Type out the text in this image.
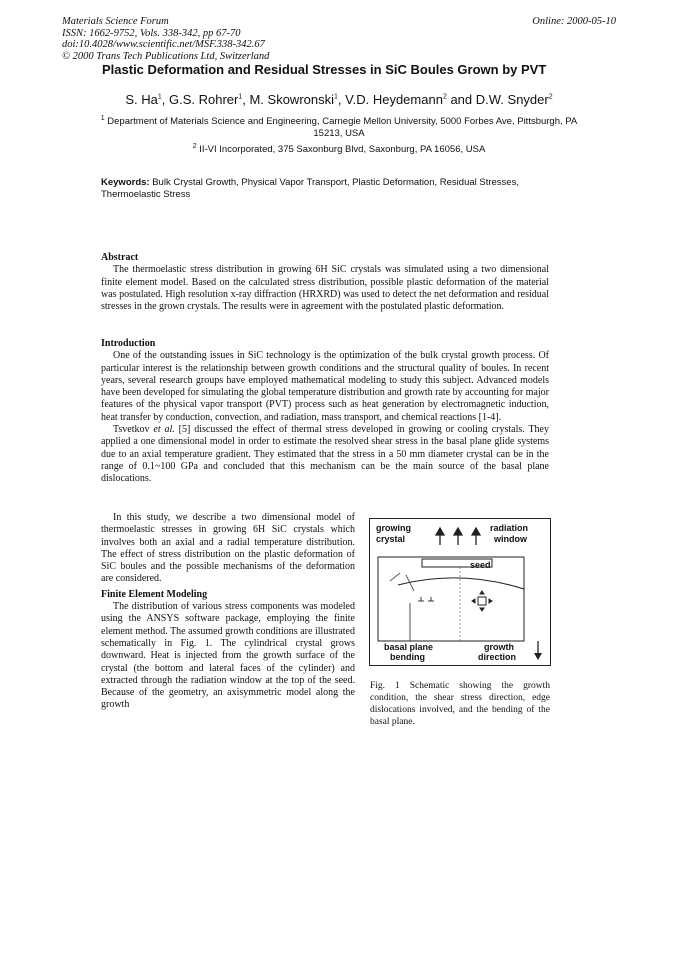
Materials Science Forum
ISSN: 1662-9752, Vols. 338-342, pp 67-70
doi:10.4028/www.scientific.net/MSF.338-342.67
© 2000 Trans Tech Publications Ltd, Switzerland
Online: 2000-05-10
Plastic Deformation and Residual Stresses in SiC Boules Grown by PVT
S. Ha$^1$, G.S. Rohrer$^1$, M. Skowronski$^1$, V.D. Heydemann$^2$ and D.W. Snyder$^2$
$^1$ Department of Materials Science and Engineering, Carnegie Mellon University, 5000 Forbes Ave, Pittsburgh, PA 15213, USA
$^2$ II-VI Incorporated, 375 Saxonburg Blvd, Saxonburg, PA 16056, USA
Keywords: Bulk Crystal Growth, Physical Vapor Transport, Plastic Deformation, Residual Stresses, Thermoelastic Stress
Abstract

The thermoelastic stress distribution in growing 6H SiC crystals was simulated using a two dimensional finite element model. Based on the calculated stress distribution, possible plastic deformation of the material was postulated. High resolution x-ray diffraction (HRXRD) was used to detect the net deformation and residual stresses in the grown crystals. The results were in agreement with the postulated plastic deformation.

Introduction

One of the outstanding issues in SiC technology is the optimization of the bulk crystal growth process. Of particular interest is the relationship between growth conditions and the structural quality of boules. In recent years, several research groups have employed mathematical modeling to study this subject. Advanced models have been developed for simulating the global temperature distribution and growth rate by accounting for major features of the physical vapor transport (PVT) process such as heat generation by electromagnetic induction, heat transfer by conduction, convection, and radiation, mass transport, and chemical reactions [1-4].

Tsvetkov et al. [5] discussed the effect of thermal stress developed in growing or cooling crystals. They applied a one dimensional model in order to estimate the resolved shear stress in the basal plane glide systems due to an axial temperature gradient. They estimated that the stress in a 50 mm diameter crystal can be in the range of 0.1~100 GPa and concluded that this mechanism can be the main source of the basal plane dislocations.

In this study, we describe a two dimensional model of thermoelastic stresses in growing 6H SiC crystals which involves both an axial and a radial temperature distribution. The effect of stress distribution on the plastic deformation of SiC boules and the possible mechanisms of the deformation are considered.

Finite Element Modeling

The distribution of various stress components was modeled using the ANSYS software package, employing the finite element method. The assumed growth conditions are illustrated schematically in Fig. 1. The cylindrical crystal grows downward. Heat is injected from the growth surface of the crystal (the bottom and lateral faces of the cylinder) and extracted through the radiation window at the top of the seed. Because of the geometry, an axisymmetric model along the growth

growing
crystal
radiation
window
seed
basal plane
bending
growth
direction
Fig. 1 Schematic showing the growth condition, the shear stress direction, edge dislocations involved, and the bending of the basal plane.
